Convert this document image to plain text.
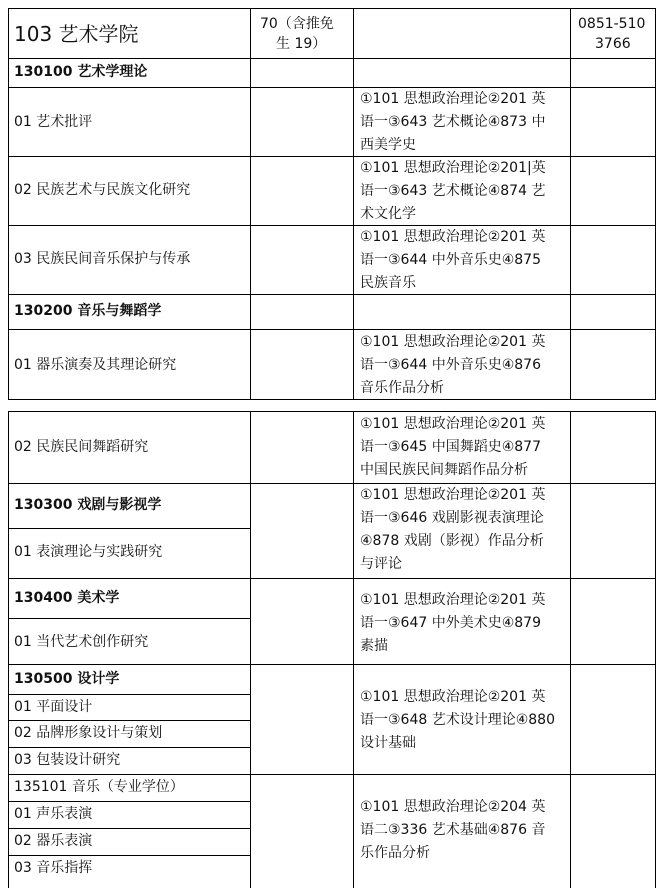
103 艺术学院	70（含推免
生 19）
0851-510
3766
130100 艺术学理论
01 艺术批评
①101 思想政治理论②201 英
语一③643 艺术概论④873 中
西美学史
02 民族艺术与民族文化研究
①101 思想政治理论②201|英
语一③643 艺术概论④874 艺
术文化学
03 民族民间音乐保护与传承
①101 思想政治理论②201 英
语一③644 中外音乐史④875
民族音乐
130200 音乐与舞蹈学
01 器乐演奏及其理论研究
①101 思想政治理论②201 英
语一③644 中外音乐史④876
音乐作品分析
02 民族民间舞蹈研究
①101 思想政治理论②201 英
语一③645 中国舞蹈史④877
中国民族民间舞蹈作品分析
130300 戏剧与影视学
01 表演理论与实践研究
①101 思想政治理论②201 英
语一③646 戏剧影视表演理论
④878 戏剧（影视）作品分析
与评论
130400 美术学
01 当代艺术创作研究
①101 思想政治理论②201 英
语一③647 中外美术史④879
素描
130500 设计学
01 平面设计
02 品牌形象设计与策划
03 包装设计研究
①101 思想政治理论②201 英
语一③648 艺术设计理论④880
设计基础
135101 音乐（专业学位）
01 声乐表演
02 器乐表演
03 音乐指挥
①101 思想政治理论②204 英
语二③336 艺术基础④876 音
乐作品分析
